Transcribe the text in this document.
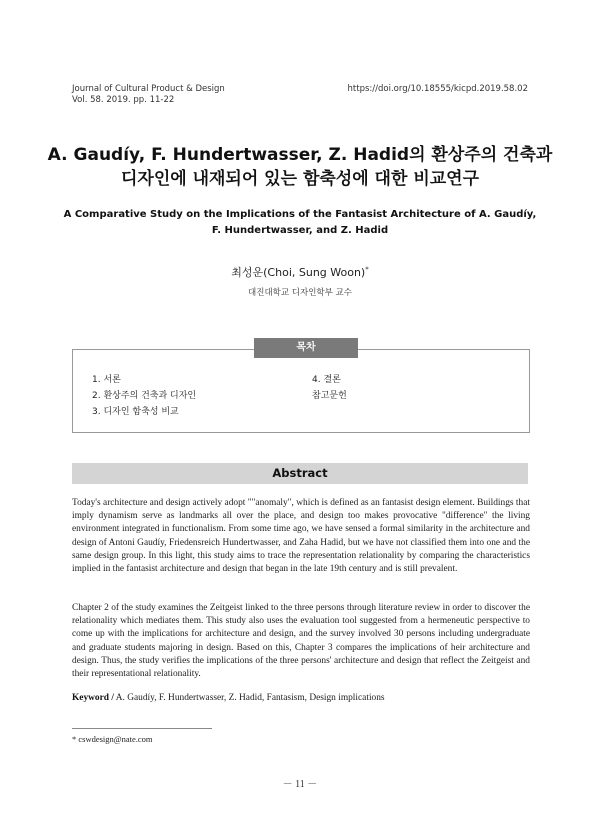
Journal of Cultural Product & Design
Vol. 58. 2019. pp. 11-22
https://doi.org/10.18555/kicpd.2019.58.02
A. Gaudíy, F. Hundertwasser, Z. Hadid의 환상주의 건축과
디자인에 내재되어 있는 함축성에 대한 비교연구
A Comparative Study on the Implications of the Fantasist Architecture of A. Gaudíy,
F. Hundertwasser, and Z. Hadid
최성운(Choi, Sung Woon)*
대진대학교 디자인학부 교수
목차
1. 서론
2. 환상주의 건축과 디자인
3. 디자인 함축성 비교
4. 결론
참고문헌
Abstract
Today's architecture and design actively adopt ""anomaly", which is defined as an fantasist design element. Buildings that imply dynamism serve as landmarks all over the place, and design too makes provocative "difference" the living environment integrated in functionalism. From some time ago, we have sensed a formal similarity in the architecture and design of Antoni Gaudíy, Friedensreich Hundertwasser, and Zaha Hadid, but we have not classified them into one and the same design group. In this light, this study aims to trace the representation relationality by comparing the characteristics implied in the fantasist architecture and design that began in the late 19th century and is still prevalent.
Chapter 2 of the study examines the Zeitgeist linked to the three persons through literature review in order to discover the relationality which mediates them. This study also uses the evaluation tool suggested from a hermeneutic perspective to come up with the implications for architecture and design, and the survey involved 30 persons including undergraduate and graduate students majoring in design. Based on this, Chapter 3 compares the implications of heir architecture and design. Thus, the study verifies the implications of the three persons' architecture and design that reflect the Zeitgeist and their representational relationality.
Keyword / A. Gaudíy, F. Hundertwasser, Z. Hadid, Fantasism, Design implications
* cswdesign@nate.com
－ 11 －
